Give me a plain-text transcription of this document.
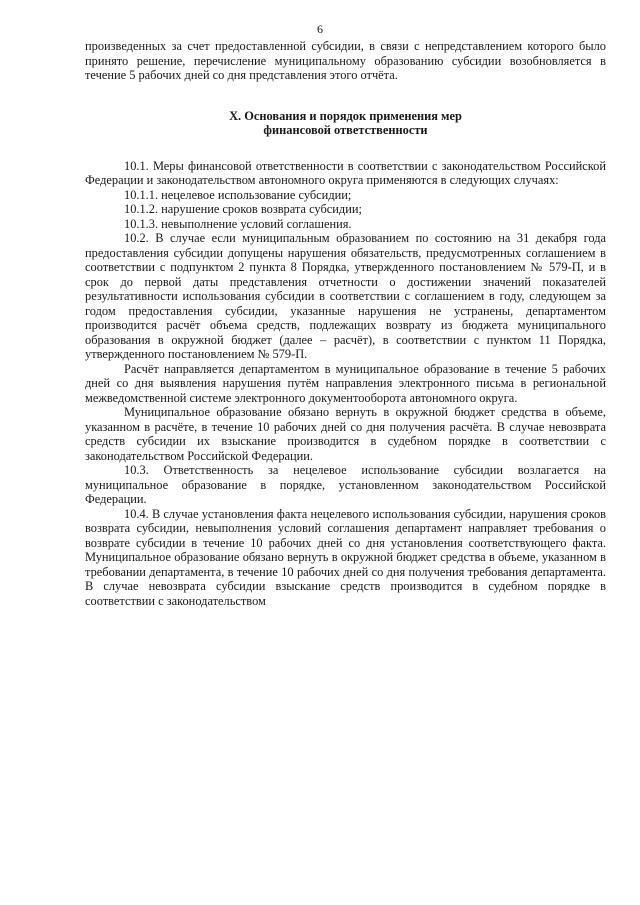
6

произведенных за счет предоставленной субсидии, в связи с непредставлением которого было принято решение, перечисление муниципальному образованию субсидии возобновляется в течение 5 рабочих дней со дня представления этого отчёта.

X. Основания и порядок применения мер
финансовой ответственности

10.1. Меры финансовой ответственности в соответствии с законодательством Российской Федерации и законодательством автономного округа применяются в следующих случаях:

10.1.1. нецелевое использование субсидии;

10.1.2. нарушение сроков возврата субсидии;

10.1.3. невыполнение условий соглашения.

10.2. В случае если муниципальным образованием по состоянию на 31 декабря года предоставления субсидии допущены нарушения обязательств, предусмотренных соглашением в соответствии с подпунктом 2 пункта 8 Порядка, утвержденного постановлением № 579-П, и в срок до первой даты представления отчетности о достижении значений показателей результативности использования субсидии в соответствии с соглашением в году, следующем за годом предоставления субсидии, указанные нарушения не устранены, департаментом производится расчёт объема средств, подлежащих возврату из бюджета муниципального образования в окружной бюджет (далее – расчёт), в соответствии с пунктом 11 Порядка, утвержденного постановлением № 579-П.

Расчёт направляется департаментом в муниципальное образование в течение 5 рабочих дней со дня выявления нарушения путём направления электронного письма в региональной межведомственной системе электронного документооборота автономного округа.

Муниципальное образование обязано вернуть в окружной бюджет средства в объеме, указанном в расчёте, в течение 10 рабочих дней со дня получения расчёта. В случае невозврата средств субсидии их взыскание производится в судебном порядке в соответствии с законодательством Российской Федерации.

10.3. Ответственность за нецелевое использование субсидии возлагается на муниципальное образование в порядке, установленном законодательством Российской Федерации.

10.4. В случае установления факта нецелевого использования субсидии, нарушения сроков возврата субсидии, невыполнения условий соглашения департамент направляет требования о возврате субсидии в течение 10 рабочих дней со дня установления соответствующего факта. Муниципальное образование обязано вернуть в окружной бюджет средства в объеме, указанном в требовании департамента, в течение 10 рабочих дней со дня получения требования департамента. В случае невозврата субсидии взыскание средств производится в судебном порядке в соответствии с законодательством
